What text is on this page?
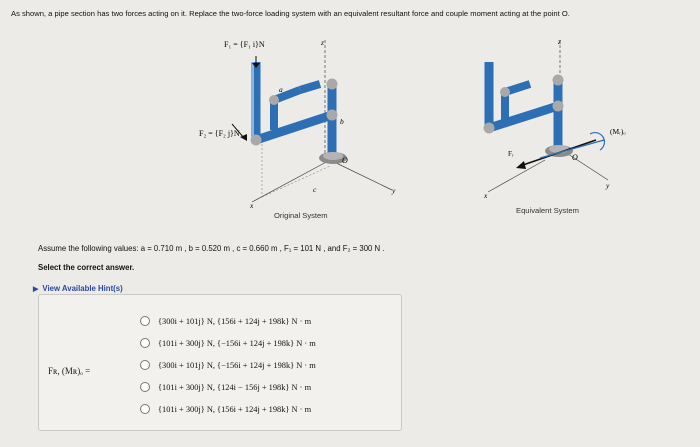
As shown, a pipe section has two forces acting on it. Replace the two-force loading system with an equivalent resultant force and couple moment acting at the point O.
F₁ = {F₁ i}N
F₂ = {F₂ j}N
a
b
c
z
y
x
O
Fᵣ
(Mᵣ)ₒ
O
z
y
x
Original System
Equivalent System
Assume the following values: a = 0.710 m , b = 0.520 m , c = 0.660 m , F₁ = 101 N , and F₂ = 300 N .
Select the correct answer.
▶ View Available Hint(s)
Fʀ, (Mʀ)ₒ =
{300i + 101j} N, {156i + 124j + 198k} N · m
{101i + 300j} N, {−156i + 124j + 198k} N · m
{300i + 101j} N, {−156i + 124j + 198k} N · m
{101i + 300j} N, {124i − 156j + 198k} N · m
{101i + 300j} N, {156i + 124j + 198k} N · m
